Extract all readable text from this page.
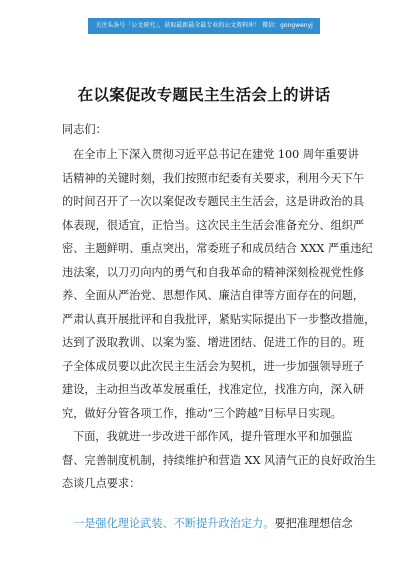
关注头条号「公文研究」，获取最新最全最专业的公文资料库！ 微信：gongwenyj
在以案促改专题民主生活会上的讲话
同志们：
在全市上下深入贯彻习近平总书记在建党 100 周年重要讲
话精神的关键时刻，我们按照市纪委有关要求，利用今天下午
的时间召开了一次以案促改专题民主生活会，这是讲政治的具
体表现，很适宜，正恰当。这次民主生活会准备充分、组织严
密、主题鲜明、重点突出，常委班子和成员结合 XXX 严重违纪
违法案，以刀刃向内的勇气和自我革命的精神深刻检视党性修
养、全面从严治党、思想作风、廉洁自律等方面存在的问题，
严肃认真开展批评和自我批评，紧贴实际提出下一步整改措施，
达到了汲取教训、以案为鉴、增进团结、促进工作的目的。班
子全体成员要以此次民主生活会为契机，进一步加强领导班子
建设，主动担当改革发展重任，找准定位，找准方向，深入研
究，做好分管各项工作，推动“三个跨越”目标早日实现。
下面，我就进一步改进干部作风，提升管理水平和加强监
督、完善制度机制，持续维护和营造 XX 风清气正的良好政治生
态谈几点要求：
一是强化理论武装、不断提升政治定力。要把准理想信念
